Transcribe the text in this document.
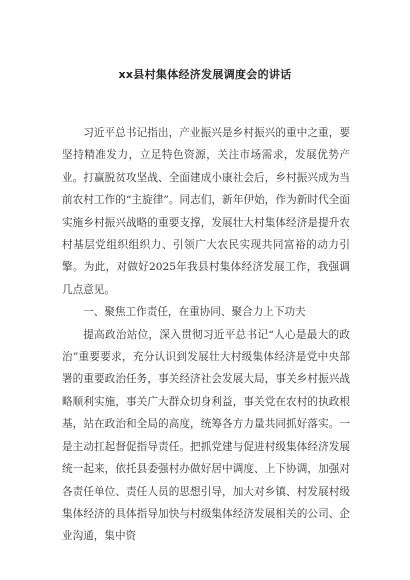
xx县村集体经济发展调度会的讲话

习近平总书记指出，产业振兴是乡村振兴的重中之重，要坚持精准发力，立足特色资源，关注市场需求，发展优势产业。打赢脱贫攻坚战、全面建成小康社会后，乡村振兴成为当前农村工作的“主旋律”。同志们，新年伊始，作为新时代全面实施乡村振兴战略的重要支撑，发展壮大村集体经济是提升农村基层党组织组织力、引领广大农民实现共同富裕的动力引擎。为此，对做好2025年我县村集体经济发展工作，我强调几点意见。

一、聚焦工作责任，在重协同、聚合力上下功夫

提高政治站位，深入贯彻习近平总书记“人心是最大的政治”重要要求，充分认识到发展壮大村级集体经济是党中央部署的重要政治任务，事关经济社会发展大局，事关乡村振兴战略顺利实施，事关广大群众切身利益，事关党在农村的执政根基，站在政治和全局的高度，统筹各方力量共同抓好落实。一是主动扛起督促指导责任。把抓党建与促进村级集体经济发展统一起来，依托县委强村办做好居中调度、上下协调，加强对各责任单位、责任人员的思想引导，加大对乡镇、村发展村级集体经济的具体指导加快与村级集体经济发展相关的公司、企业沟通，集中资
